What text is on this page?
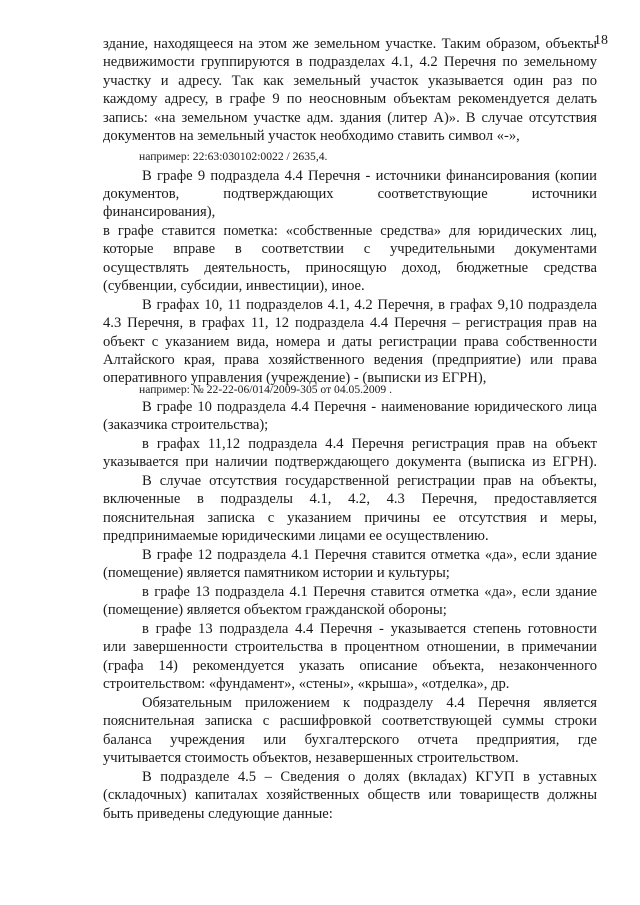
18
здание, находящееся на этом же земельном участке. Таким образом, объекты
недвижимости группируются в подразделах 4.1, 4.2 Перечня по земельному
участку и адресу. Так как земельный участок указывается один раз по
каждому адресу, в графе 9 по неосновным объектам рекомендуется делать
запись: «на земельном участке адм. здания (литер А)». В случае отсутствия
документов на земельный участок необходимо ставить символ «-»,
например: 22:63:030102:0022 / 2635,4.
В графе 9 подраздела 4.4 Перечня - источники финансирования (копии
документов, подтверждающих соответствующие источники
финансирования),
в графе ставится пометка: «собственные средства» для юридических лиц,
которые вправе в соответствии с учредительными документами
осуществлять деятельность, приносящую доход, бюджетные средства
(субвенции, субсидии, инвестиции), иное.
В графах 10, 11 подразделов 4.1, 4.2 Перечня, в графах 9,10 подраздела
4.3 Перечня, в графах 11, 12 подраздела 4.4 Перечня – регистрация прав на
объект с указанием вида, номера и даты регистрации права собственности
Алтайского края, права хозяйственного ведения (предприятие) или права
оперативного управления (учреждение) - (выписки из ЕГРН),
например: № 22-22-06/014/2009-305 от 04.05.2009 .
В графе 10 подраздела 4.4 Перечня - наименование юридического лица
(заказчика строительства);
в графах 11,12 подраздела 4.4 Перечня регистрация прав на объект
указывается при наличии подтверждающего документа (выписка из ЕГРН).
В случае отсутствия государственной регистрации прав на объекты,
включенные в подразделы 4.1, 4.2, 4.3 Перечня, предоставляется
пояснительная записка с указанием причины ее отсутствия и меры,
предпринимаемые юридическими лицами ее осуществлению.
В графе 12 подраздела 4.1 Перечня ставится отметка «да», если здание
(помещение) является памятником истории и культуры;
в графе 13 подраздела 4.1 Перечня ставится отметка «да», если здание
(помещение) является объектом гражданской обороны;
в графе 13 подраздела 4.4 Перечня - указывается степень готовности
или завершенности строительства в процентном отношении, в примечании
(графа 14) рекомендуется указать описание объекта, незаконченного
строительством: «фундамент», «стены», «крыша», «отделка», др.
Обязательным приложением к подразделу 4.4 Перечня является
пояснительная записка с расшифровкой соответствующей суммы строки
баланса учреждения или бухгалтерского отчета предприятия, где
учитывается стоимость объектов, незавершенных строительством.
В подразделе 4.5 – Сведения о долях (вкладах) КГУП в уставных
(складочных) капиталах хозяйственных обществ или товариществ должны
быть приведены следующие данные:
